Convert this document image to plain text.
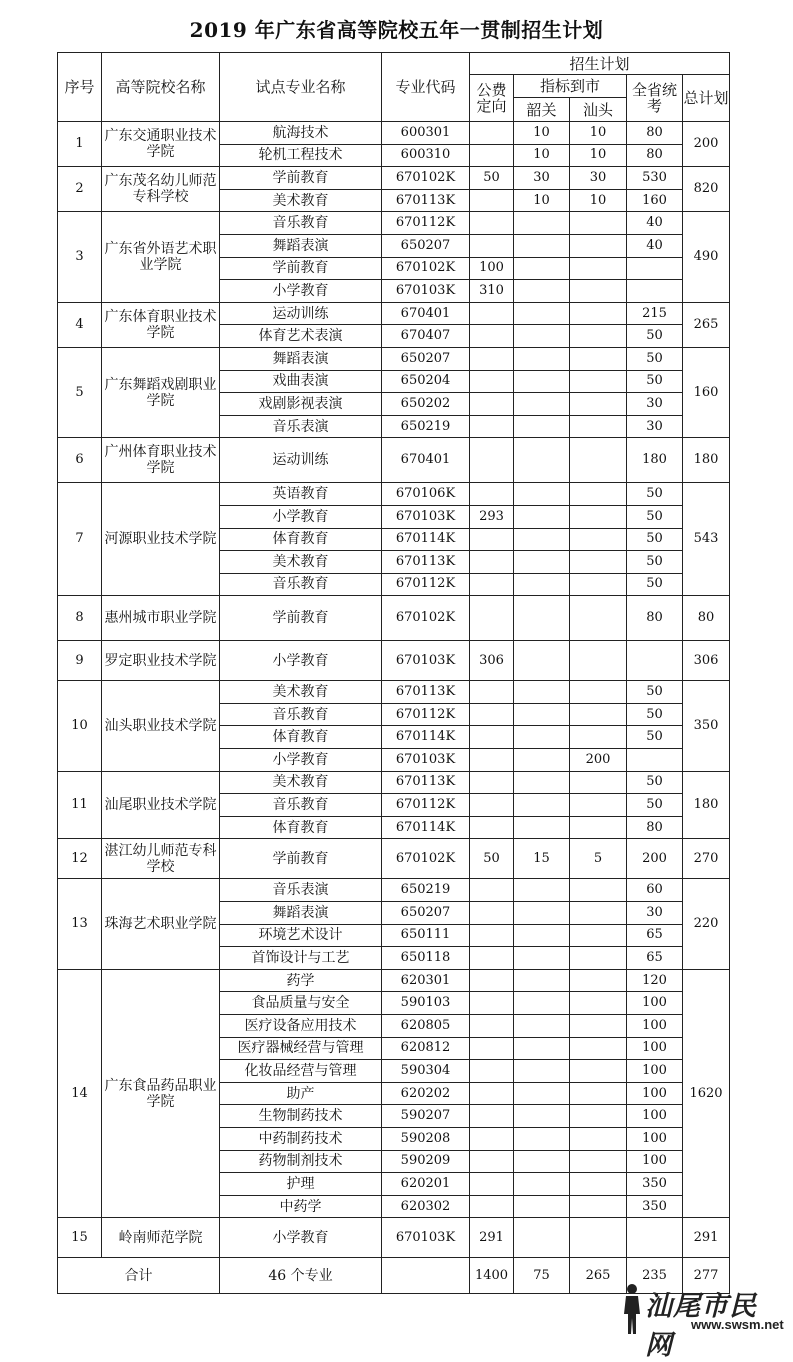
2019 年广东省高等院校五年一贯制招生计划
序号	高等院校名称	试点专业名称	专业代码	招生计划				
				公费定向	指标到市		全省统考	总计划
					韶关	汕头		
1	广东交通职业技术学院	航海技术	600301		10	10	80	200
		轮机工程技术	600310		10	10	80	
2	广东茂名幼儿师范专科学校	学前教育	670102K	50	30	30	530	820
		美术教育	670113K		10	10	160	
3	广东省外语艺术职业学院	音乐教育	670112K				40	490
		舞蹈表演	650207				40	
		学前教育	670102K	100				
		小学教育	670103K	310				
4	广东体育职业技术学院	运动训练	670401				215	265
		体育艺术表演	670407				50	
5	广东舞蹈戏剧职业学院	舞蹈表演	650207				50	160
		戏曲表演	650204				50	
		戏剧影视表演	650202				30	
		音乐表演	650219				30	
6	广州体育职业技术学院	运动训练	670401				180	180
7	河源职业技术学院	英语教育	670106K				50	543
		小学教育	670103K	293			50	
		体育教育	670114K				50	
		美术教育	670113K				50	
		音乐教育	670112K				50	
8	惠州城市职业学院	学前教育	670102K				80	80
9	罗定职业技术学院	小学教育	670103K	306				306
10	汕头职业技术学院	美术教育	670113K				50	350
		音乐教育	670112K				50	
		体育教育	670114K				50	
		小学教育	670103K			200		
11	汕尾职业技术学院	美术教育	670113K				50	180
		音乐教育	670112K				50	
		体育教育	670114K				80	
12	湛江幼儿师范专科学校	学前教育	670102K	50	15	5	200	270
13	珠海艺术职业学院	音乐表演	650219				60	220
		舞蹈表演	650207				30	
		环境艺术设计	650111				65	
		首饰设计与工艺	650118				65	
14	广东食品药品职业学院	药学	620301				120	1620
		食品质量与安全	590103				100	
		医疗设备应用技术	620805				100	
		医疗器械经营与管理	620812				100	
		化妆品经营与管理	590304				100	
		助产	620202				100	
		生物制药技术	590207				100	
		中药制药技术	590208				100	
		药物制剂技术	590209				100	
		护理	620201				350	
		中药学	620302				350	
15	岭南师范学院	小学教育	670103K	291				291
合计		46 个专业		1400	75	265	235	277
汕尾市民网
www.swsm.net
